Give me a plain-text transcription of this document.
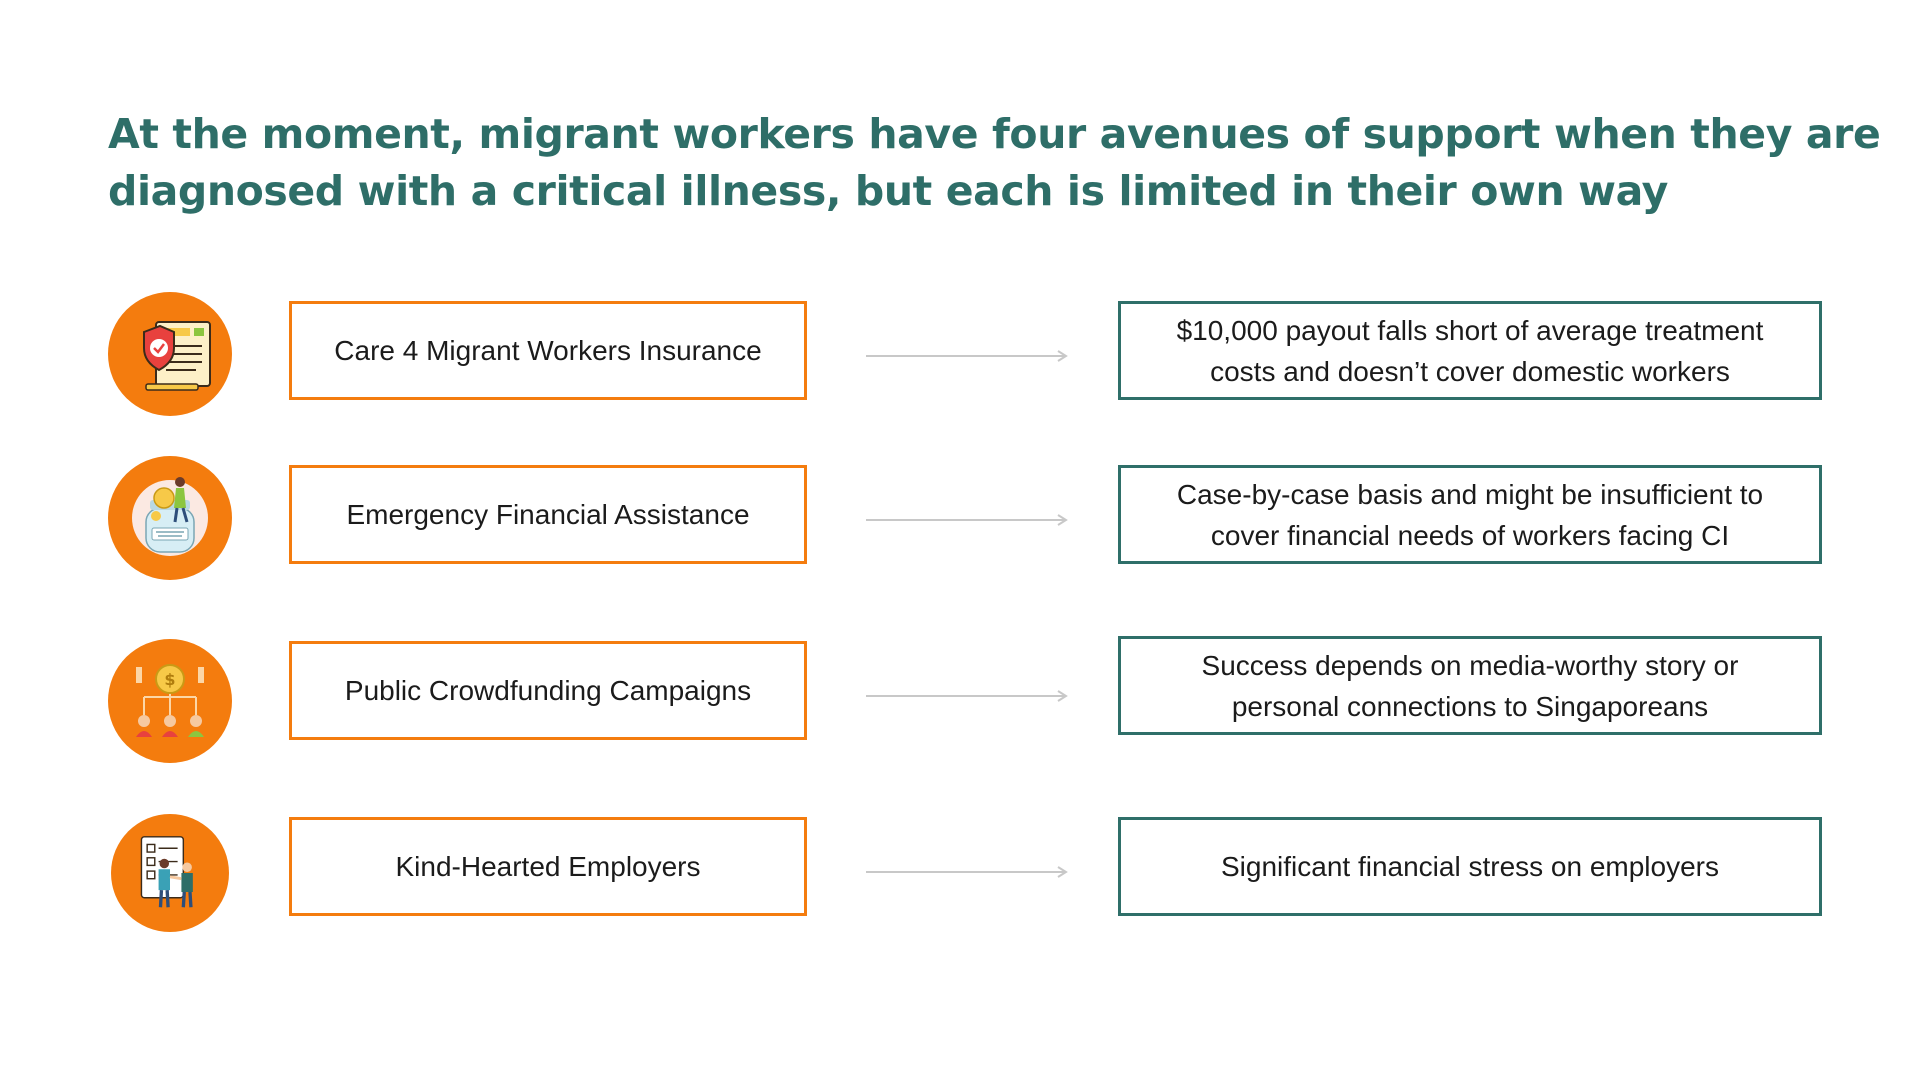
At the moment, migrant workers have four avenues of support when they are
diagnosed with a critical illness, but each is limited in their own way
Care 4 Migrant Workers Insurance
$10,000 payout falls short of average treatment
costs and doesn’t cover domestic workers
Emergency Financial Assistance
Case-by-case basis and might be insufficient to
cover financial needs of workers facing CI
$	Public Crowdfunding Campaigns
Success depends on media-worthy story or
personal connections to Singaporeans
Kind-Hearted Employers	Significant financial stress on employers
